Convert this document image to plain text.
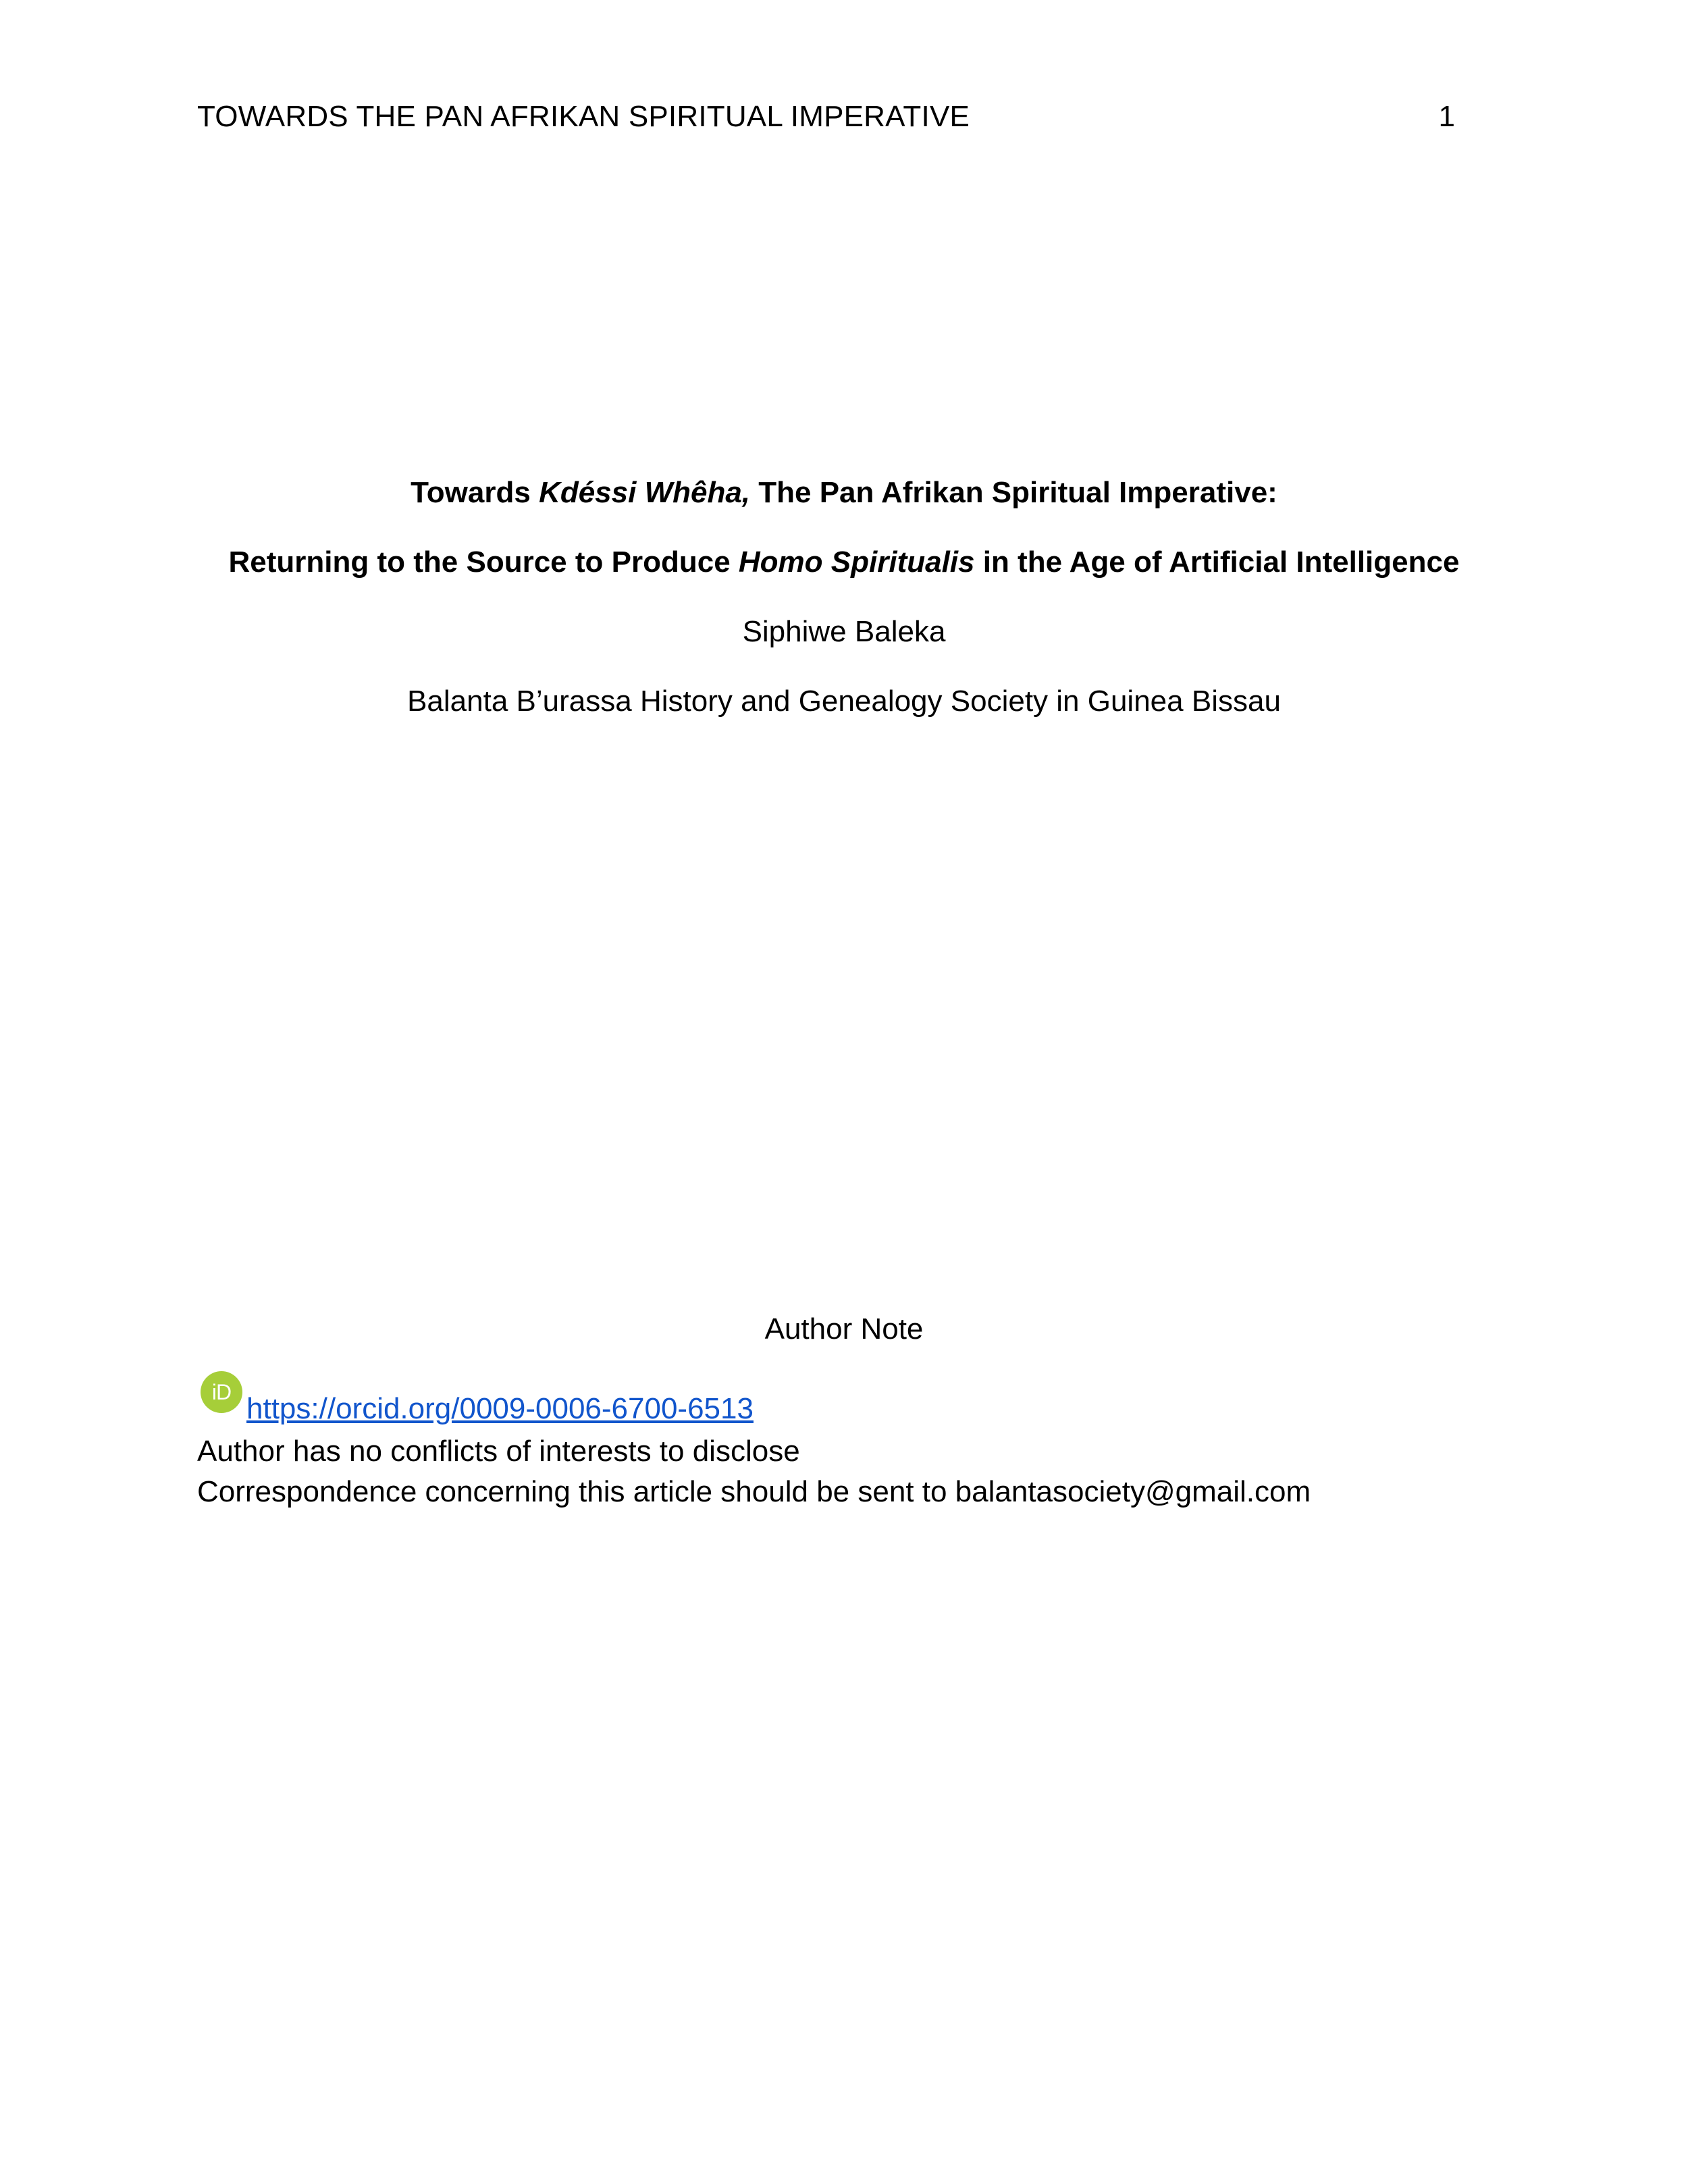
TOWARDS THE PAN AFRIKAN SPIRITUAL IMPERATIVE	1
Towards Kdéssi Whêha, The Pan Afrikan Spiritual Imperative:
Returning to the Source to Produce Homo Spiritualis in the Age of Artificial Intelligence
Siphiwe Baleka
Balanta B’urassa History and Genealogy Society in Guinea Bissau
Author Note
iD https://orcid.org/0009-0006-6700-6513
Author has no conflicts of interests to disclose
Correspondence concerning this article should be sent to balantasociety@gmail.com
